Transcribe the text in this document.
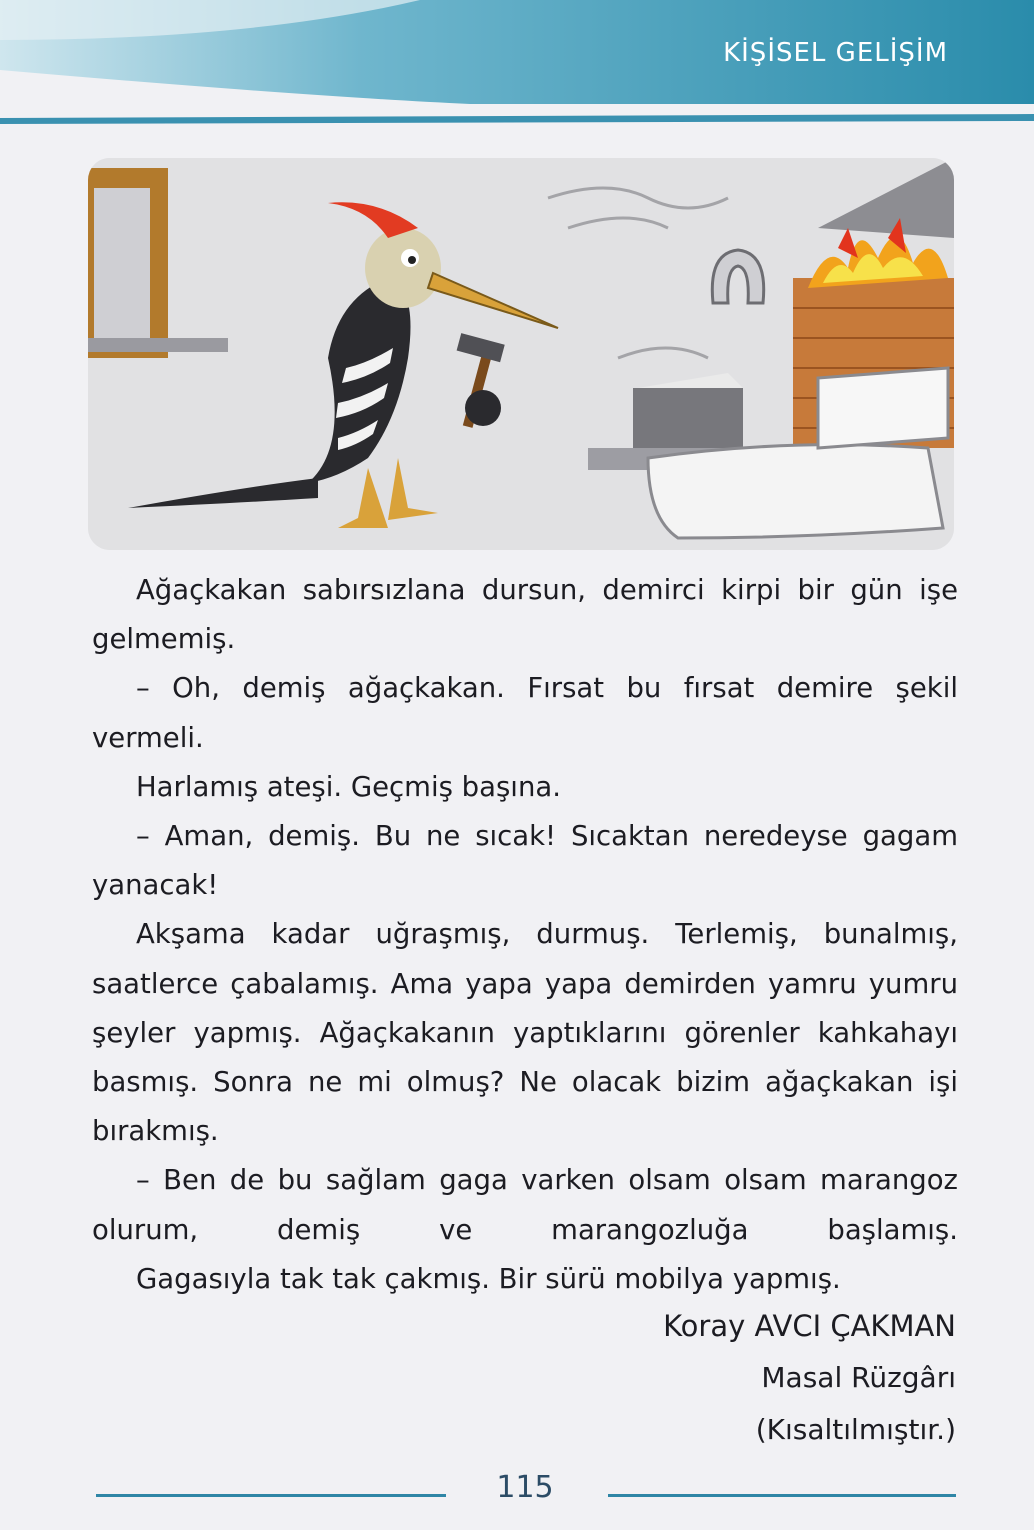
KİŞİSEL GELİŞİM

Ağaçkakan sabırsızlana dursun, demirci kirpi bir gün işe gelmemiş.

– Oh, demiş ağaçkakan. Fırsat bu fırsat demire şekil vermeli.

Harlamış ateşi. Geçmiş başına.

– Aman, demiş. Bu ne sıcak! Sıcaktan neredeyse gagam yanacak!

Akşama kadar uğraşmış, durmuş. Terlemiş, bunalmış, saatlerce çabalamış. Ama yapa yapa demirden yamru yumru şeyler yapmış. Ağaçkakanın yaptıklarını görenler kahkahayı basmış. Sonra ne mi olmuş? Ne olacak bizim ağaçkakan işi bırakmış.

– Ben de bu sağlam gaga varken olsam olsam marangoz olurum, demiş ve marangozluğa başlamış.

Gagasıyla tak tak çakmış. Bir sürü mobilya yapmış.

Koray AVCI ÇAKMAN
Masal Rüzgârı
(Kısaltılmıştır.)
115
